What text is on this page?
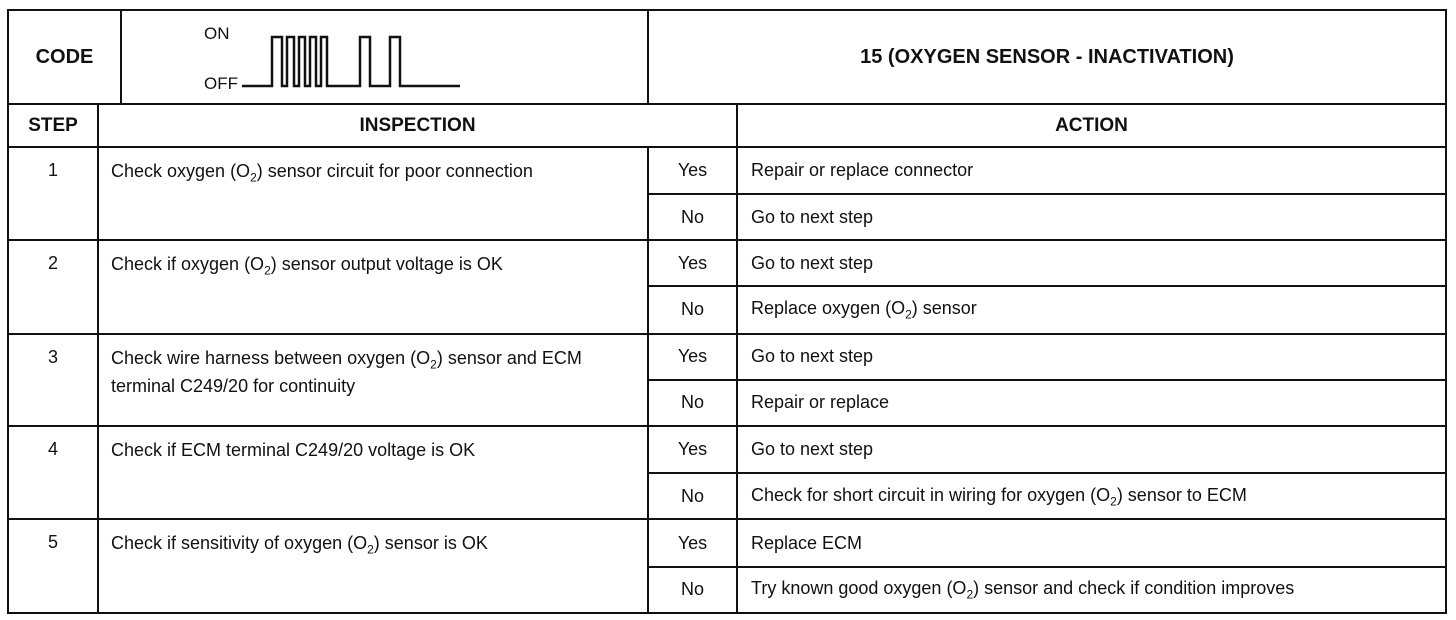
CODE	
ON
OFF
	15 (OXYGEN SENSOR - INACTIVATION)
STEP	INSPECTION	ACTION
1	Check oxygen $(O_2)$ sensor circuit for poor connection	Yes	Repair or replace connector
No	Go to next step
2	Check if oxygen $(O_2)$ sensor output voltage is OK	Yes	Go to next step
No	Replace oxygen $(O_2)$ sensor
3	Check wire harness between oxygen $(O_2)$ sensor and ECM terminal C249/20 for continuity	Yes	Go to next step
No	Repair or replace
4	Check if ECM terminal C249/20 voltage is OK	Yes	Go to next step
No	Check for short circuit in wiring for oxygen $(O_2)$ sensor to ECM
5	Check if sensitivity of oxygen $(O_2)$ sensor is OK	Yes	Replace ECM
No	Try known good oxygen $(O_2)$ sensor and check if condition improves
